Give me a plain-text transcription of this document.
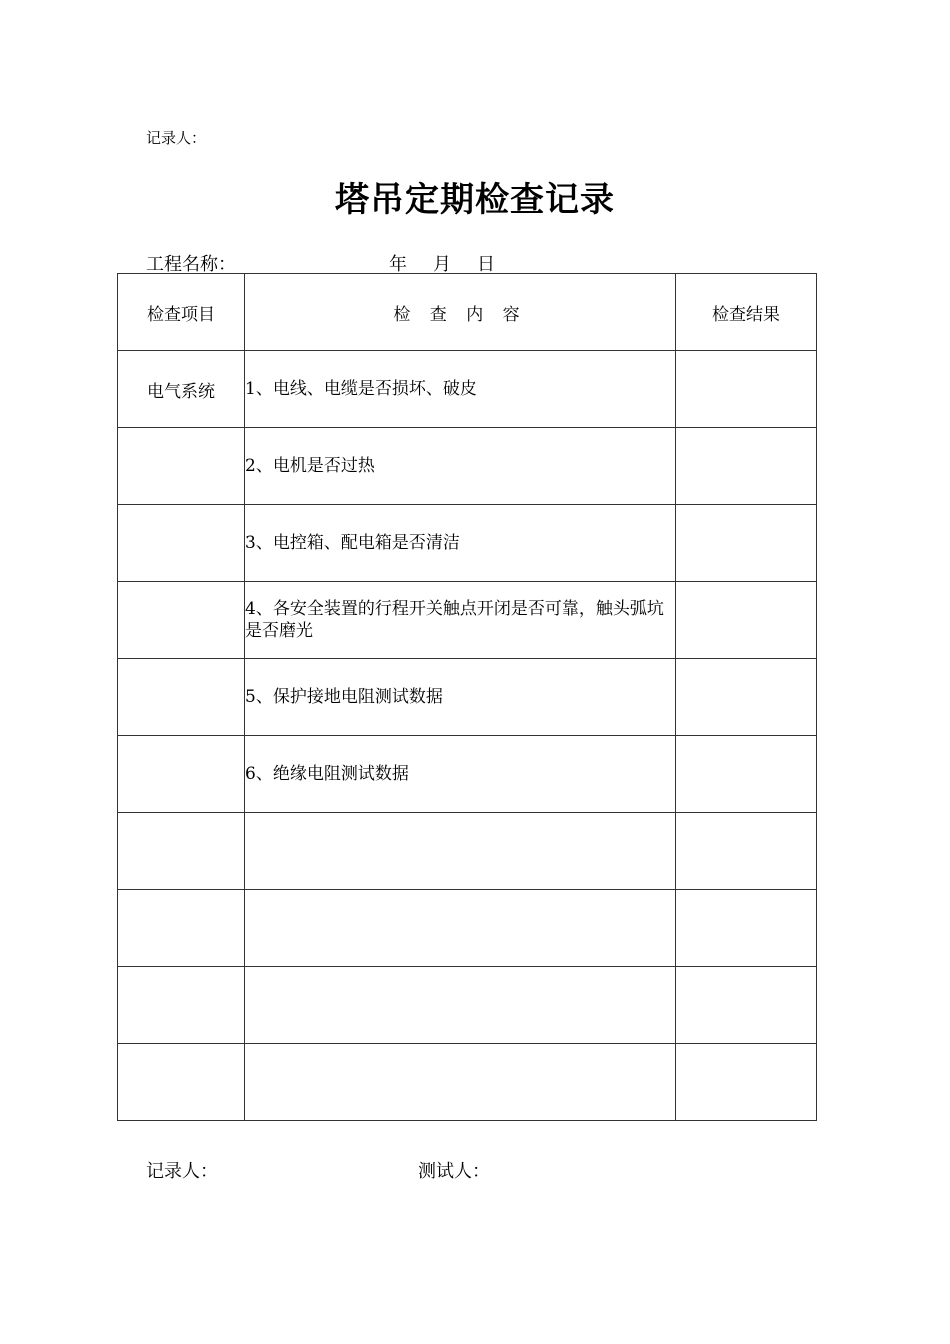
记录人：
塔吊定期检查记录
工程名称：	年 月 日
检查项目	检 查 内 容	检查结果
电气系统	1、电线、电缆是否损坏、破皮	
	2、电机是否过热	
	3、电控箱、配电箱是否清洁	
	4、各安全装置的行程开关触点开闭是否可靠，触头弧坑是否磨光	
	5、保护接地电阻测试数据	
	6、绝缘电阻测试数据	

记录人：	测试人：
